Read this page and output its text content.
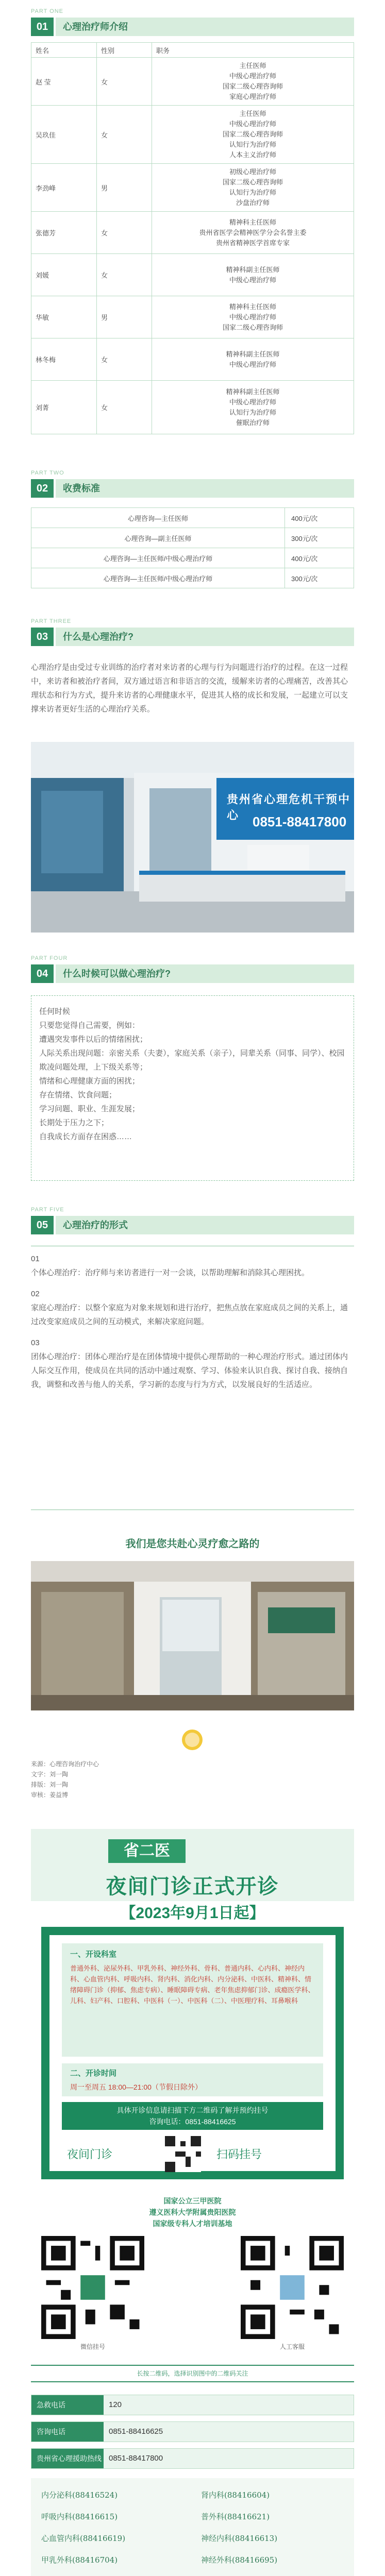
PART ONE
01	心理治疗师介绍
姓名	性别	职务
赵 莹	女	主任医师
中级心理治疗师
国家二级心理咨询师
家庭心理治疗师
吴玖佳	女	主任医师
中级心理治疗师
国家二级心理咨询师
认知行为治疗师
人本主义治疗师
李劲峰	男	初级心理治疗师
国家二级心理咨询师
认知行为治疗师
沙盘治疗师
张德芳	女	精神科主任医师
贵州省医学会精神医学分会名誉主委
贵州省精神医学首席专家
刘媛	女	精神科副主任医师
中级心理治疗师
华敏	男	精神科主任医师
中级心理治疗师
国家二级心理咨询师
林冬梅	女	精神科副主任医师
中级心理治疗师
刘菁	女	精神科副主任医师
中级心理治疗师
认知行为治疗师
催眠治疗师
PART TWO
02	收费标准
心理咨询—主任医师	400元/次
心理咨询—副主任医师	300元/次
心理咨询—主任医师/中级心理治疗师	400元/次
心理咨询—主任医师/中级心理治疗师	300元/次
PART THREE
03	什么是心理治疗?

心理治疗是由受过专业训练的治疗者对来访者的心理与行为问题进行治疗的过程。在这一过程中，来访者和被治疗者间，双方通过语言和非语言的交流，缓解来访者的心理痛苦，改善其心理状态和行为方式，提升来访者的心理健康水平，促进其人格的成长和发展，一起建立可以支撑来访者更好生活的心理治疗关系。

贵州省心理危机干预中心 0851-88417800
PART FOUR
04	什么时候可以做心理治疗?

任何时候

只要您觉得自己需要，例如：

遭遇突发事件以后的情绪困扰；

人际关系出现问题：亲密关系（夫妻），家庭关系（亲子），同辈关系（同事、同学）、校园欺凌问题处理，上下级关系等；

情绪和心理健康方面的困扰；

存在情绪、饮食问题；

学习问题、职业、生涯发展；

长期处于压力之下；

自我成长方面存在困惑……

PART FIVE
05	心理治疗的形式

01
个体心理治疗：治疗师与来访者进行一对一会谈，以帮助理解和消除其心理困扰。

02
家庭心理治疗：以整个家庭为对象来规划和进行治疗，把焦点放在家庭成员之间的关系上，通过改变家庭成员之间的互动模式，来解决家庭问题。

03
团体心理治疗：团体心理治疗是在团体情境中提供心理帮助的一种心理治疗形式。通过团体内人际交互作用，使成员在共同的活动中通过观察、学习、体验来认识自我、探讨自我、接纳自我，调整和改善与他人的关系，学习新的态度与行为方式，以发展良好的生活适应。

我们是您共赴心灵疗愈之路的
来源：心理咨询治疗中心
文字：刘一陶
排版：刘一陶
审核：姜益博
省二医
夜间门诊正式开诊
【2023年9月1日起】
一、开设科室
普通外科、泌尿外科、甲乳外科、神经外科、骨科、普通内科、心内科、神经内科、心血管内科、呼吸内科、肾内科、消化内科、内分泌科、中医科、精神科、情绪障碍门诊（抑郁、焦虑专病）、睡眠障碍专病、老年焦虑抑郁门诊、成瘾医学科、儿科、妇产科、口腔科、中医科（一）、中医科（二）、中医理疗科、耳鼻喉科
二、开诊时间
周一至周五 18:00—21:00（节假日除外）
具体开诊信息请扫描下方二维码了解并预约挂号
咨询电话：0851-88416625
夜间门诊	扫码挂号
国家公立三甲医院
遵义医科大学附属贵阳医院
国家级专科人才培训基地
微信挂号	人工客服
长按二维码，选择识别图中的二维码关注
急救电话	120
咨询电话	0851-88416625
贵州省心理援助热线 0851-88417800
内分泌科(88416524)	肾内科(88416604)
呼吸内科(88416615)	普外科(88416621)
心血管内科(88416619)	神经内科(88416613)
甲乳外科(88416704)	神经外科(88416695)
